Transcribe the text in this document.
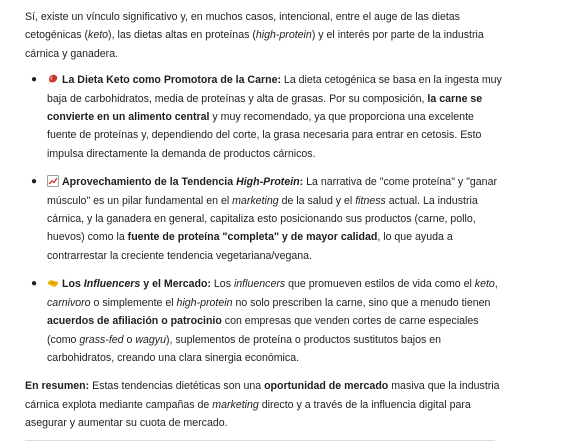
Sí, existe un vínculo significativo y, en muchos casos, intencional, entre el auge de las dietas cetogénicas (keto), las dietas altas en proteínas (high-protein) y el interés por parte de la industria cárnica y ganadera.

● La Dieta Keto como Promotora de la Carne: La dieta cetogénica se basa en la ingesta muy baja de carbohidratos, media de proteínas y alta de grasas. Por su composición, la carne se convierte en un alimento central y muy recomendado, ya que proporciona una excelente fuente de proteínas y, dependiendo del corte, la grasa necesaria para entrar en cetosis. Esto impulsa directamente la demanda de productos cárnicos.
● Aprovechamiento de la Tendencia High-Protein: La narrativa de "come proteína" y "ganar músculo" es un pilar fundamental en el marketing de la salud y el fitness actual. La industria cárnica, y la ganadera en general, capitaliza esto posicionando sus productos (carne, pollo, huevos) como la fuente de proteína "completa" y de mayor calidad, lo que ayuda a contrarrestar la creciente tendencia vegetariana/vegana.
● Los Influencers y el Mercado: Los influencers que promueven estilos de vida como el keto, carnivoro o simplemente el high-protein no solo prescriben la carne, sino que a menudo tienen acuerdos de afiliación o patrocinio con empresas que venden cortes de carne especiales (como grass-fed o wagyu), suplementos de proteína o productos sustitutos bajos en carbohidratos, creando una clara sinergia económica.

En resumen: Estas tendencias dietéticas son una oportunidad de mercado masiva que la industria cárnica explota mediante campañas de marketing directo y a través de la influencia digital para asegurar y aumentar su cuota de mercado.
